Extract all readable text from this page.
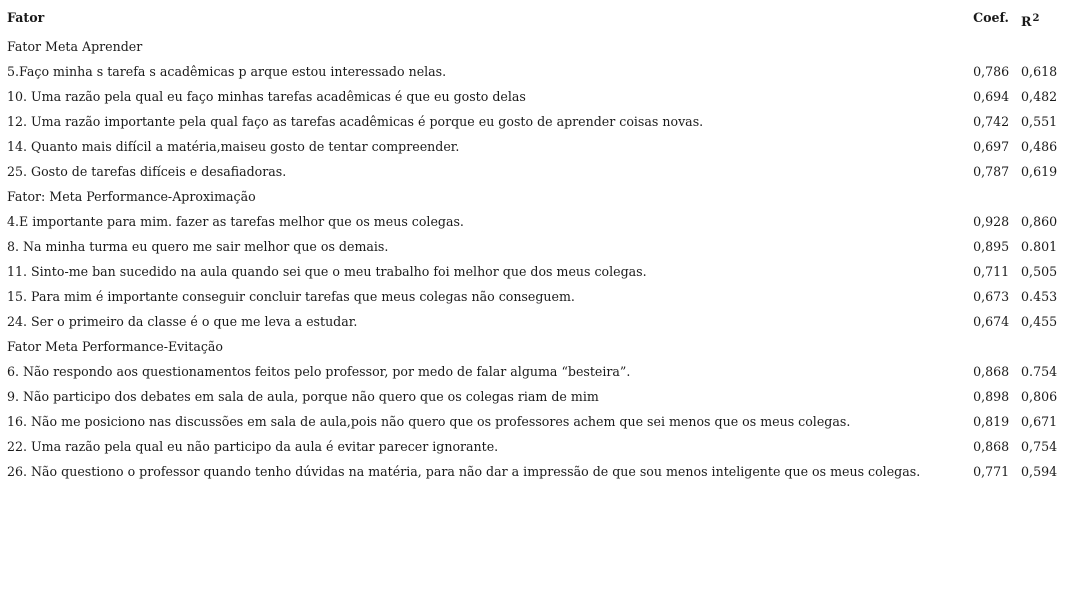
Fator	Coef. $R^2$
Fator Meta Aprender
5.Faço minha s tarefa s acadêmicas p arque estou interessado nelas.	0,786 0,618
10. Uma razão pela qual eu faço minhas tarefas acadêmicas é que eu gosto delas	0,694 0,482
12. Uma razão importante pela qual faço as tarefas acadêmicas é porque eu gosto de aprender coisas novas.	0,742 0,551
14. Quanto mais difícil a matéria,maiseu gosto de tentar compreender.	0,697 0,486
25. Gosto de tarefas difíceis e desafiadoras.	0,787 0,619
Fator: Meta Performance-Aproximação
4.E importante para mim. fazer as tarefas melhor que os meus colegas.	0,928 0,860
8. Na minha turma eu quero me sair melhor que os demais.	0,895 0.801
11. Sinto-me ban sucedido na aula quando sei que o meu trabalho foi melhor que dos meus colegas.	0,711 0,505
15. Para mim é importante conseguir concluir tarefas que meus colegas não conseguem.	0,673 0.453
24. Ser o primeiro da classe é o que me leva a estudar.	0,674 0,455
Fator Meta Performance-Evitação
6. Não respondo aos questionamentos feitos pelo professor, por medo de falar alguma “besteira”.	0,868 0.754
9. Não participo dos debates em sala de aula, porque não quero que os colegas riam de mim	0,898 0,806
16. Não me posiciono nas discussões em sala de aula,pois não quero que os professores achem que sei menos que os meus colegas.	0,819 0,671
22. Uma razão pela qual eu não participo da aula é evitar parecer ignorante.	0,868 0,754
26. Não questiono o professor quando tenho dúvidas na matéria, para não dar a impressão de que sou menos inteligente que os meus colegas.	0,771 0,594
